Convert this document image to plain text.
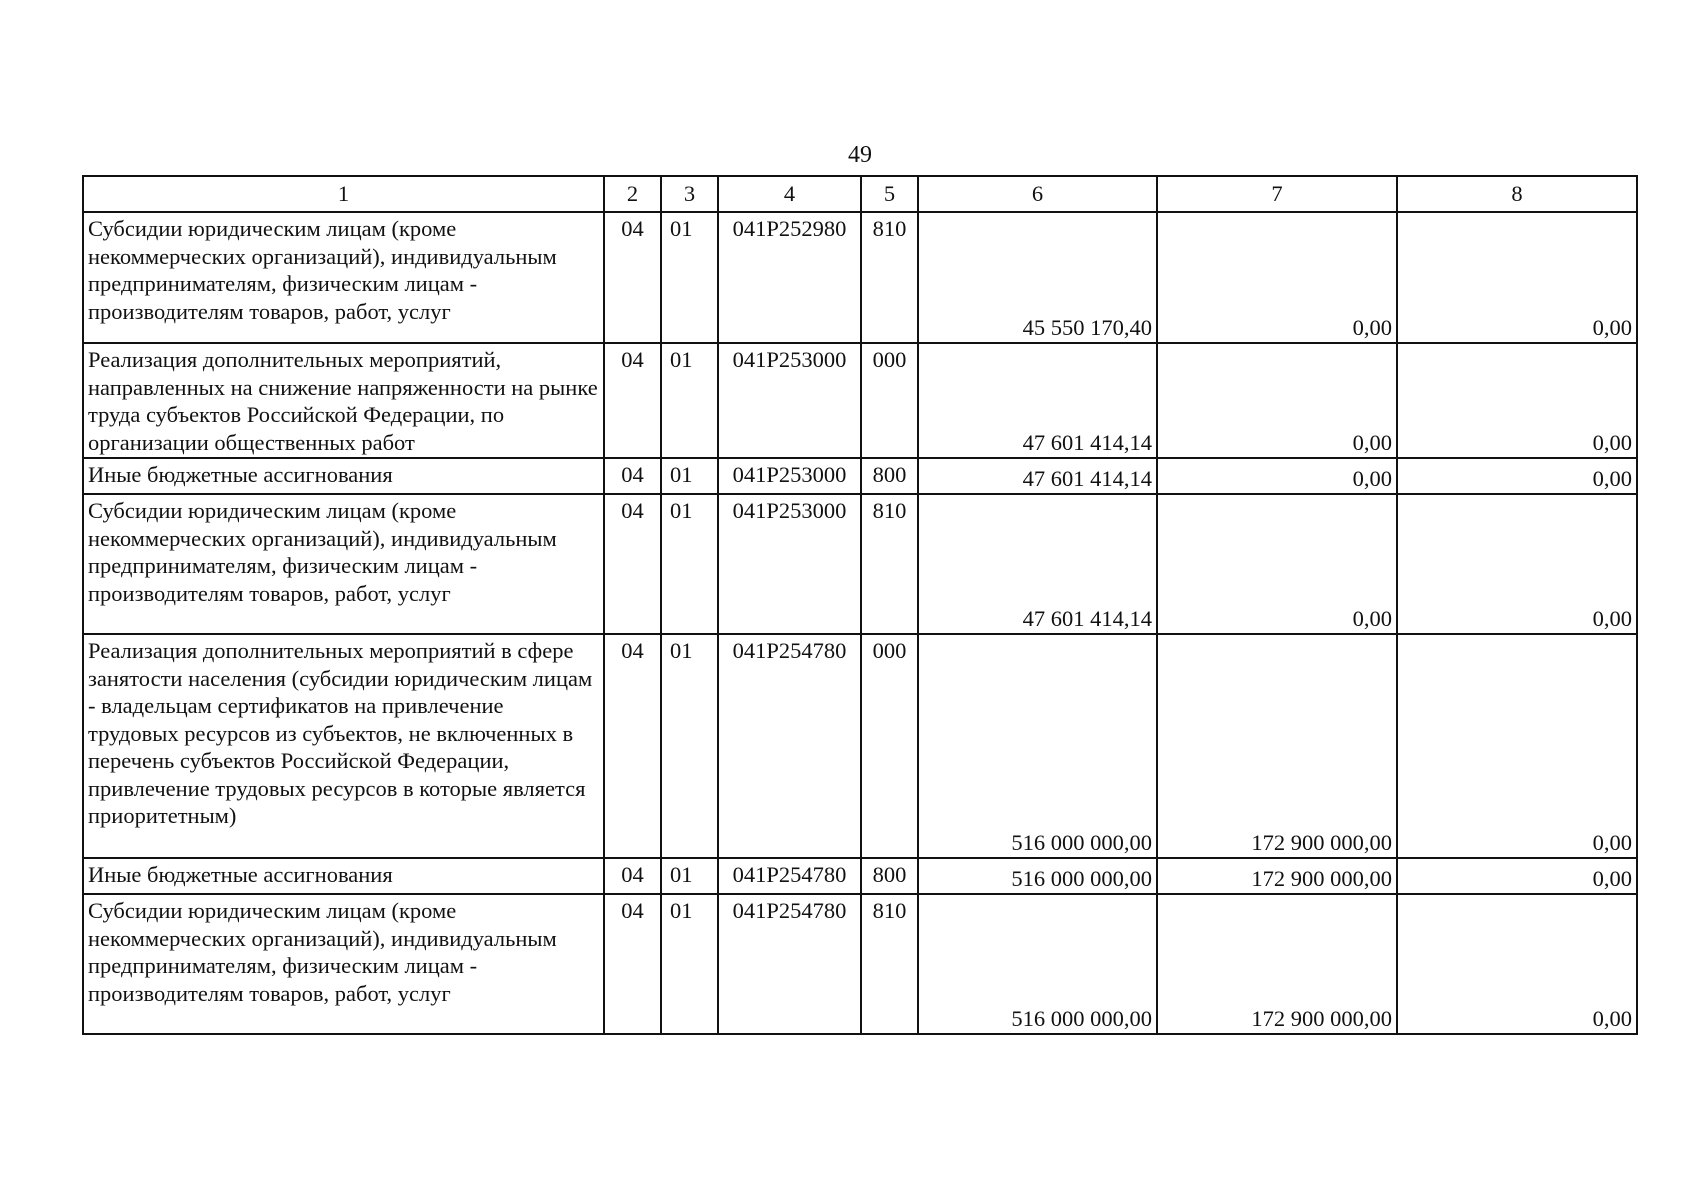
49
1	2	3	4	5	6	7	8
Субсидии юридическим лицам (кроме некоммерческих организаций), индивидуальным предпринимателям, физическим лицам - производителям товаров, работ, услуг	04	01	041P252980	810	45 550 170,40	0,00	0,00
Реализация дополнительных мероприятий, направленных на снижение напряженности на рынке труда субъектов Российской Федерации, по организации общественных работ	04	01	041P253000	000	47 601 414,14	0,00	0,00
Иные бюджетные ассигнования	04	01	041P253000	800	47 601 414,14	0,00	0,00
Субсидии юридическим лицам (кроме некоммерческих организаций), индивидуальным предпринимателям, физическим лицам - производителям товаров, работ, услуг	04	01	041P253000	810	47 601 414,14	0,00	0,00
Реализация дополнительных мероприятий в сфере занятости населения (субсидии юридическим лицам - владельцам сертификатов на привлечение трудовых ресурсов из субъектов, не включенных в перечень субъектов Российской Федерации, привлечение трудовых ресурсов в которые является приоритетным)	04	01	041P254780	000	516 000 000,00	172 900 000,00	0,00
Иные бюджетные ассигнования	04	01	041P254780	800	516 000 000,00	172 900 000,00	0,00
Субсидии юридическим лицам (кроме некоммерческих организаций), индивидуальным предпринимателям, физическим лицам - производителям товаров, работ, услуг	04	01	041P254780	810	516 000 000,00	172 900 000,00	0,00
